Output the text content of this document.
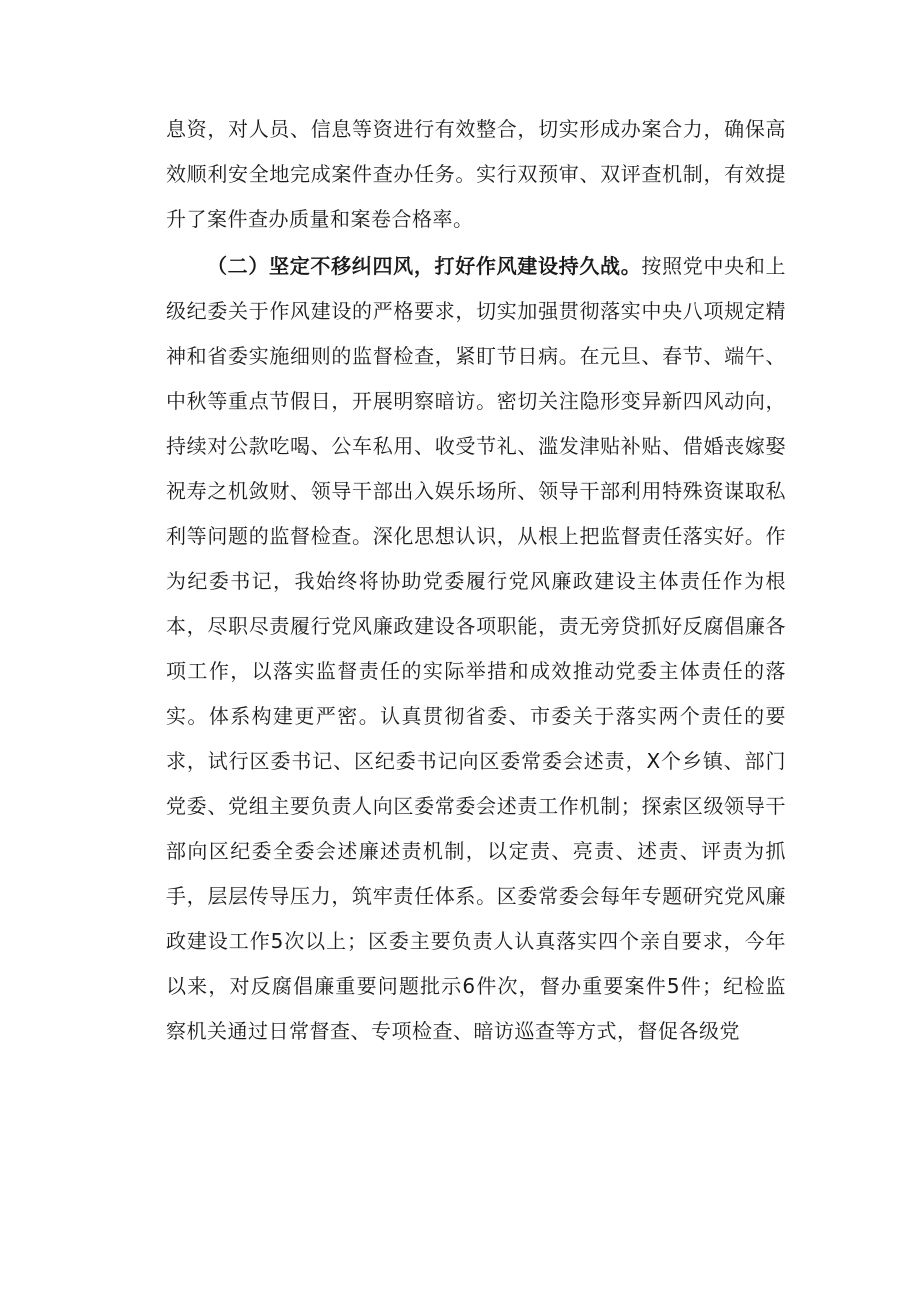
息资，对人员、信息等资进行有效整合，切实形成办案合力，确保高效顺利安全地完成案件查办任务。实行双预审、双评查机制，有效提升了案件查办质量和案卷合格率。

（二）坚定不移纠四风，打好作风建设持久战。按照党中央和上级纪委关于作风建设的严格要求，切实加强贯彻落实中央八项规定精神和省委实施细则的监督检查，紧盯节日病。在元旦、春节、端午、中秋等重点节假日，开展明察暗访。密切关注隐形变异新四风动向，持续对公款吃喝、公车私用、收受节礼、滥发津贴补贴、借婚丧嫁娶祝寿之机敛财、领导干部出入娱乐场所、领导干部利用特殊资谋取私利等问题的监督检查。深化思想认识，从根上把监督责任落实好。作为纪委书记，我始终将协助党委履行党风廉政建设主体责任作为根本，尽职尽责履行党风廉政建设各项职能，责无旁贷抓好反腐倡廉各项工作，以落实监督责任的实际举措和成效推动党委主体责任的落实。体系构建更严密。认真贯彻省委、市委关于落实两个责任的要求，试行区委书记、区纪委书记向区委常委会述责，X个乡镇、部门党委、党组主要负责人向区委常委会述责工作机制；探索区级领导干部向区纪委全委会述廉述责机制，以定责、亮责、述责、评责为抓手，层层传导压力，筑牢责任体系。区委常委会每年专题研究党风廉政建设工作5次以上；区委主要负责人认真落实四个亲自要求，今年以来，对反腐倡廉重要问题批示6件次，督办重要案件5件；纪检监察机关通过日常督查、专项检查、暗访巡查等方式，督促各级党
